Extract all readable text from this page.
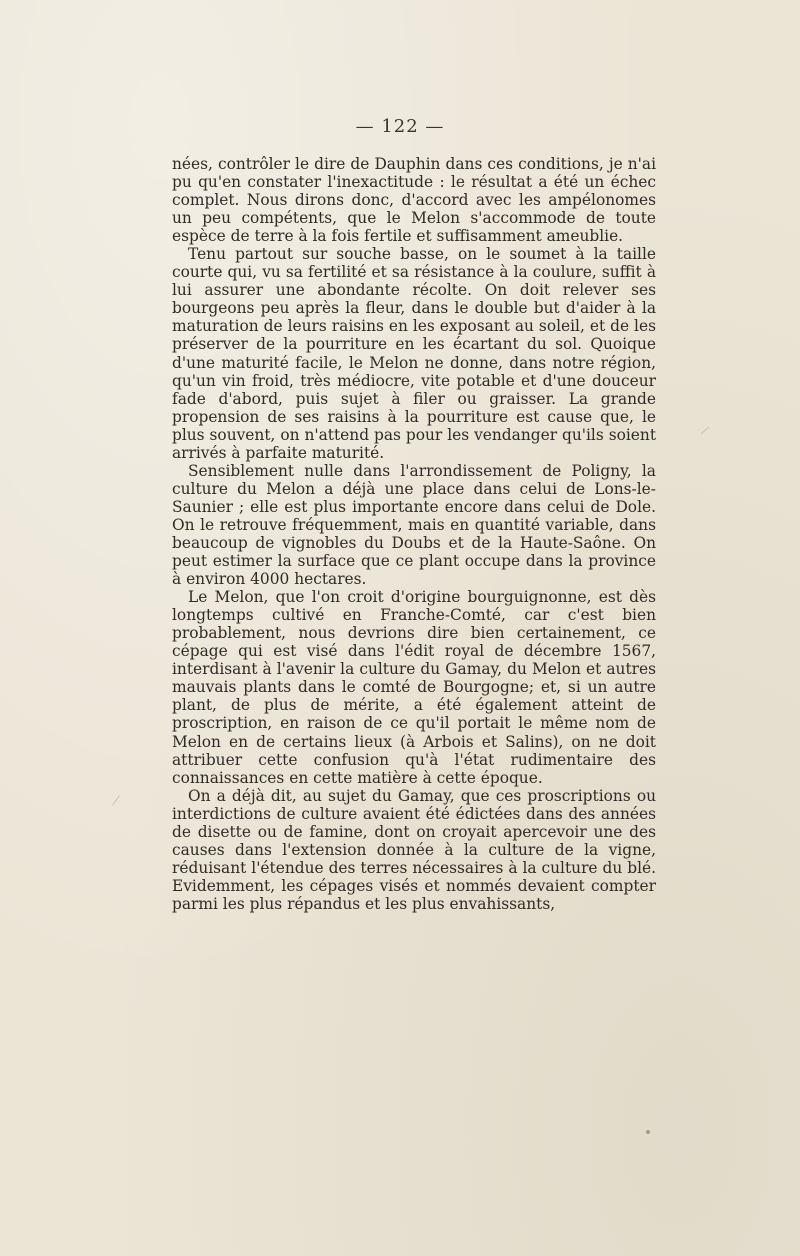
— 122 —

nées, contrôler le dire de Dauphin dans ces conditions, je n'ai pu qu'en constater l'inexactitude : le résultat a été un échec complet. Nous dirons donc, d'accord avec les ampélonomes un peu compétents, que le Melon s'accommode de toute espèce de terre à la fois fertile et suffisamment ameublie.

Tenu partout sur souche basse, on le soumet à la taille courte qui, vu sa fertilité et sa résistance à la coulure, suffit à lui assurer une abondante récolte. On doit relever ses bourgeons peu après la fleur, dans le double but d'aider à la maturation de leurs raisins en les exposant au soleil, et de les préserver de la pourriture en les écartant du sol. Quoique d'une maturité facile, le Melon ne donne, dans notre région, qu'un vin froid, très médiocre, vite potable et d'une douceur fade d'abord, puis sujet à filer ou graisser. La grande propension de ses raisins à la pourriture est cause que, le plus souvent, on n'attend pas pour les vendanger qu'ils soient arrivés à parfaite maturité.

Sensiblement nulle dans l'arrondissement de Poligny, la culture du Melon a déjà une place dans celui de Lons-le-Saunier ; elle est plus importante encore dans celui de Dole. On le retrouve fréquemment, mais en quantité variable, dans beaucoup de vignobles du Doubs et de la Haute-Saône. On peut estimer la surface que ce plant occupe dans la province à environ 4000 hectares.

Le Melon, que l'on croit d'origine bourguignonne, est dès longtemps cultivé en Franche-Comté, car c'est bien probablement, nous devrions dire bien certainement, ce cépage qui est visé dans l'édit royal de décembre 1567, interdisant à l'avenir la culture du Gamay, du Melon et autres mauvais plants dans le comté de Bourgogne; et, si un autre plant, de plus de mérite, a été également atteint de proscription, en raison de ce qu'il portait le même nom de Melon en de certains lieux (à Arbois et Salins), on ne doit attribuer cette confusion qu'à l'état rudimentaire des connaissances en cette matière à cette époque.

On a déjà dit, au sujet du Gamay, que ces proscriptions ou interdictions de culture avaient été édictées dans des années de disette ou de famine, dont on croyait apercevoir une des causes dans l'extension donnée à la culture de la vigne, réduisant l'étendue des terres nécessaires à la culture du blé. Evidemment, les cépages visés et nommés devaient compter parmi les plus répandus et les plus envahissants,
